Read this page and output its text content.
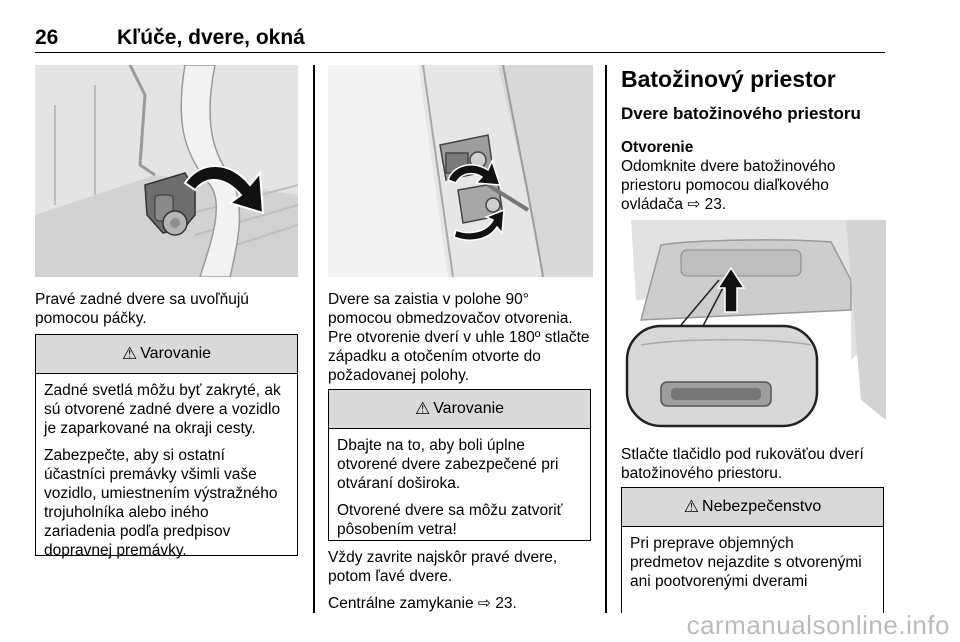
26	Kľúče, dvere, okná

Pravé zadné dvere sa uvoľňujú

pomocou páčky.

⚠ Varovanie

Zadné svetlá môžu byť zakryté, ak
sú otvorené zadné dvere a vozidlo
je zaparkované na okraji cesty.

Zabezpečte, aby si ostatní
účastníci premávky všimli vaše
vozidlo, umiestnením výstražného
trojuholníka alebo iného
zariadenia podľa predpisov
dopravnej premávky.

Dvere sa zaistia v polohe 90°

pomocou obmedzovačov otvorenia.

Pre otvorenie dverí v uhle 180º stlačte

západku a otočením otvorte do

požadovanej polohy.

⚠ Varovanie

Dbajte na to, aby boli úplne
otvorené dvere zabezpečené pri
otváraní doširoka.

Otvorené dvere sa môžu zatvoriť
pôsobením vetra!

Vždy zavrite najskôr pravé dvere,

potom ľavé dvere.

Centrálne zamykanie ⇨ 23.

Batožinový priestor
Dvere batožinového priestoru
Otvorenie

Odomknite dvere batožinového

priestoru pomocou diaľkového

ovládača ⇨ 23.

Stlačte tlačidlo pod rukoväťou dverí

batožinového priestoru.

⚠ Nebezpečenstvo

Pri preprave objemných
predmetov nejazdite s otvorenými
ani pootvorenými dverami

carmanualsonline.info
